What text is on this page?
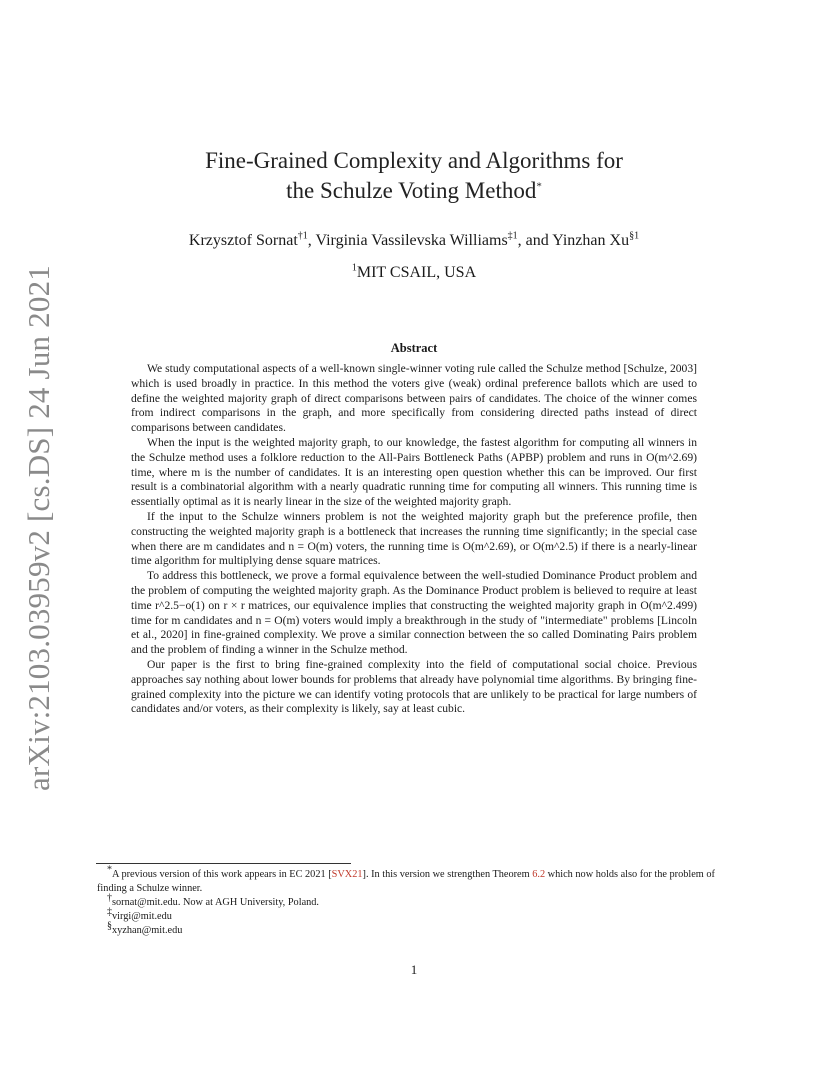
arXiv:2103.03959v2 [cs.DS] 24 Jun 2021
Fine-Grained Complexity and Algorithms for
the Schulze Voting Method*
Krzysztof Sornat$^{\dagger 1}$, Virginia Vassilevska Williams$^{\ddagger 1}$, and Yinzhan Xu$^{\S 1}$
$^1$MIT CSAIL, USA
Abstract

We study computational aspects of a well-known single-winner voting rule called the Schulze method [Schulze, 2003] which is used broadly in practice. In this method the voters give (weak) ordinal preference ballots which are used to define the weighted majority graph of direct comparisons between pairs of candidates. The choice of the winner comes from indirect comparisons in the graph, and more specifically from considering directed paths instead of direct comparisons between candidates.

When the input is the weighted majority graph, to our knowledge, the fastest algorithm for computing all winners in the Schulze method uses a folklore reduction to the All-Pairs Bottleneck Paths (APBP) problem and runs in O(m^2.69) time, where m is the number of candidates. It is an interesting open question whether this can be improved. Our first result is a combinatorial algorithm with a nearly quadratic running time for computing all winners. This running time is essentially optimal as it is nearly linear in the size of the weighted majority graph.

If the input to the Schulze winners problem is not the weighted majority graph but the preference profile, then constructing the weighted majority graph is a bottleneck that increases the running time significantly; in the special case when there are m candidates and n = O(m) voters, the running time is O(m^2.69), or O(m^2.5) if there is a nearly-linear time algorithm for multiplying dense square matrices.

To address this bottleneck, we prove a formal equivalence between the well-studied Dominance Product problem and the problem of computing the weighted majority graph. As the Dominance Product problem is believed to require at least time r^2.5−o(1) on r × r matrices, our equivalence implies that constructing the weighted majority graph in O(m^2.499) time for m candidates and n = O(m) voters would imply a breakthrough in the study of "intermediate" problems [Lincoln et al., 2020] in fine-grained complexity. We prove a similar connection between the so called Dominating Pairs problem and the problem of finding a winner in the Schulze method.

Our paper is the first to bring fine-grained complexity into the field of computational social choice. Previous approaches say nothing about lower bounds for problems that already have polynomial time algorithms. By bringing fine-grained complexity into the picture we can identify voting protocols that are unlikely to be practical for large numbers of candidates and/or voters, as their complexity is likely, say at least cubic.

*A previous version of this work appears in EC 2021 [SVX21]. In this version we strengthen Theorem 6.2 which now holds also for the problem of finding a Schulze winner.
†sornat@mit.edu. Now at AGH University, Poland.
‡virgi@mit.edu
§xyzhan@mit.edu
1
